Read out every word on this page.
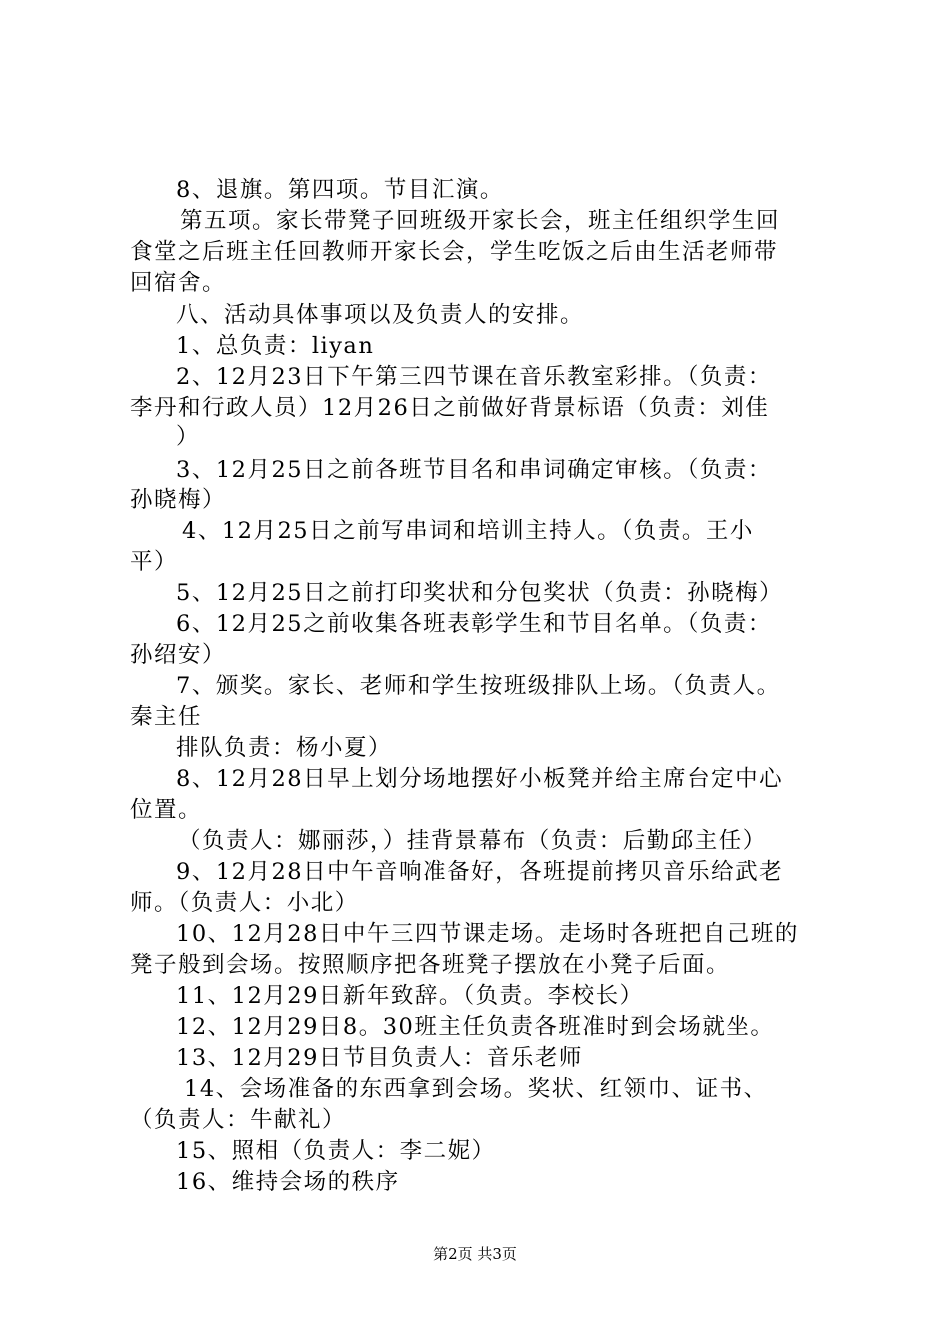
8、退旗。第四项。节目汇演。
第五项。家长带凳子回班级开家长会，班主任组织学生回
食堂之后班主任回教师开家长会，学生吃饭之后由生活老师带
回宿舍。
八、活动具体事项以及负责人的安排。
1、总负责：liyan
2、12月23日下午第三四节课在音乐教室彩排。（负责：
李丹和行政人员）12月26日之前做好背景标语（负责：刘佳
）
3、12月25日之前各班节目名和串词确定审核。（负责：
孙晓梅）
4、12月25日之前写串词和培训主持人。（负责。王小
平）
5、12月25日之前打印奖状和分包奖状（负责：孙晓梅）
6、12月25之前收集各班表彰学生和节目名单。（负责：
孙绍安）
7、颁奖。家长、老师和学生按班级排队上场。（负责人。
秦主任
排队负责：杨小夏）
8、12月28日早上划分场地摆好小板凳并给主席台定中心
位置。
（负责人：娜丽莎，）挂背景幕布（负责：后勤邱主任）
9、12月28日中午音响准备好，各班提前拷贝音乐给武老
师。（负责人：小北）
10、12月28日中午三四节课走场。走场时各班把自己班的
凳子般到会场。按照顺序把各班凳子摆放在小凳子后面。
11、12月29日新年致辞。（负责。李校长）
12、12月29日8。30班主任负责各班准时到会场就坐。
13、12月29日节目负责人：音乐老师
14、会场准备的东西拿到会场。奖状、红领巾、证书、
（负责人：牛献礼）
15、照相（负责人：李二妮）
16、维持会场的秩序
第2页 共3页
